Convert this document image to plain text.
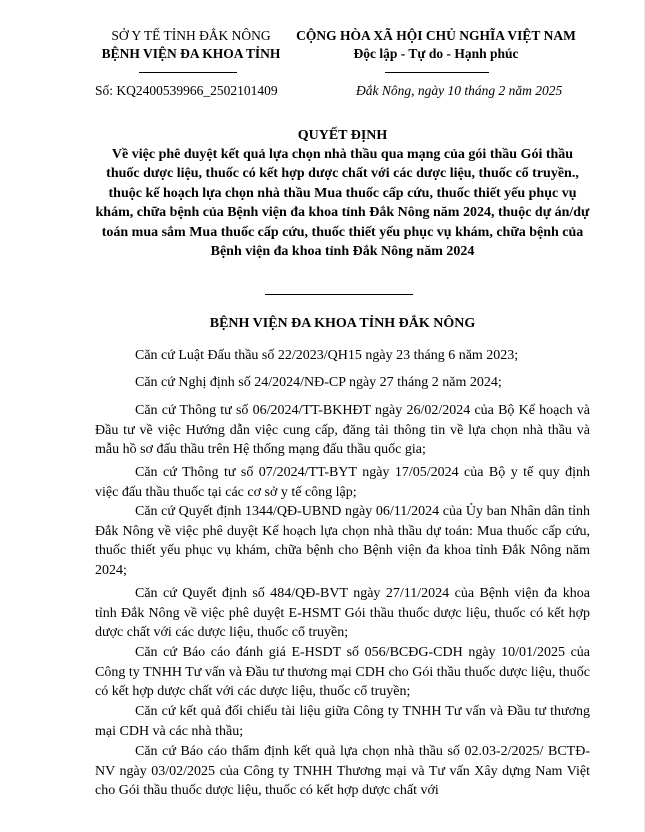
SỞ Y TẾ TỈNH ĐẮK NÔNG
BỆNH VIỆN ĐA KHOA TỈNH
CỘNG HÒA XÃ HỘI CHỦ NGHĨA VIỆT NAM
Độc lập - Tự do - Hạnh phúc
Số: KQ2400539966_2502101409	Đắk Nông, ngày 10 tháng 2 năm 2025
QUYẾT ĐỊNH
Về việc phê duyệt kết quả lựa chọn nhà thầu qua mạng của gói thầu Gói thầu thuốc dược liệu, thuốc có kết hợp dược chất với các dược liệu, thuốc cổ truyền., thuộc kế hoạch lựa chọn nhà thầu Mua thuốc cấp cứu, thuốc thiết yếu phục vụ khám, chữa bệnh của Bệnh viện đa khoa tỉnh Đắk Nông năm 2024, thuộc dự án/dự toán mua sắm Mua thuốc cấp cứu, thuốc thiết yếu phục vụ khám, chữa bệnh của Bệnh viện đa khoa tỉnh Đắk Nông năm 2024
BỆNH VIỆN ĐA KHOA TỈNH ĐẮK NÔNG
Căn cứ Luật Đấu thầu số 22/2023/QH15 ngày 23 tháng 6 năm 2023;
Căn cứ Nghị định số 24/2024/NĐ-CP ngày 27 tháng 2 năm 2024;
Căn cứ Thông tư số 06/2024/TT-BKHĐT ngày 26/02/2024 của Bộ Kế hoạch và Đầu tư về việc Hướng dẫn việc cung cấp, đăng tải thông tin về lựa chọn nhà thầu và mẫu hồ sơ đấu thầu trên Hệ thống mạng đấu thầu quốc gia;
Căn cứ Thông tư số 07/2024/TT-BYT ngày 17/05/2024 của Bộ y tế quy định việc đấu thầu thuốc tại các cơ sở y tế công lập;
Căn cứ Quyết định 1344/QĐ-UBND ngày 06/11/2024 của Ủy ban Nhân dân tỉnh Đắk Nông về việc phê duyệt Kế hoạch lựa chọn nhà thầu dự toán: Mua thuốc cấp cứu, thuốc thiết yếu phục vụ khám, chữa bệnh cho Bệnh viện đa khoa tỉnh Đắk Nông năm 2024;
Căn cứ Quyết định số 484/QĐ-BVT ngày 27/11/2024 của Bệnh viện đa khoa tỉnh Đắk Nông về việc phê duyệt E-HSMT Gói thầu thuốc dược liệu, thuốc có kết hợp dược chất với các dược liệu, thuốc cổ truyền;
Căn cứ Báo cáo đánh giá E-HSDT số 056/BCĐG-CDH ngày 10/01/2025 của Công ty TNHH Tư vấn và Đầu tư thương mại CDH cho Gói thầu thuốc dược liệu, thuốc có kết hợp dược chất với các dược liệu, thuốc cổ truyền;
Căn cứ kết quả đối chiếu tài liệu giữa Công ty TNHH Tư vấn và Đầu tư thương mại CDH và các nhà thầu;
Căn cứ Báo cáo thẩm định kết quả lựa chọn nhà thầu số 02.03-2/2025/ BCTĐ-NV ngày 03/02/2025 của Công ty TNHH Thương mại và Tư vấn Xây dựng Nam Việt cho Gói thầu thuốc dược liệu, thuốc có kết hợp dược chất với
